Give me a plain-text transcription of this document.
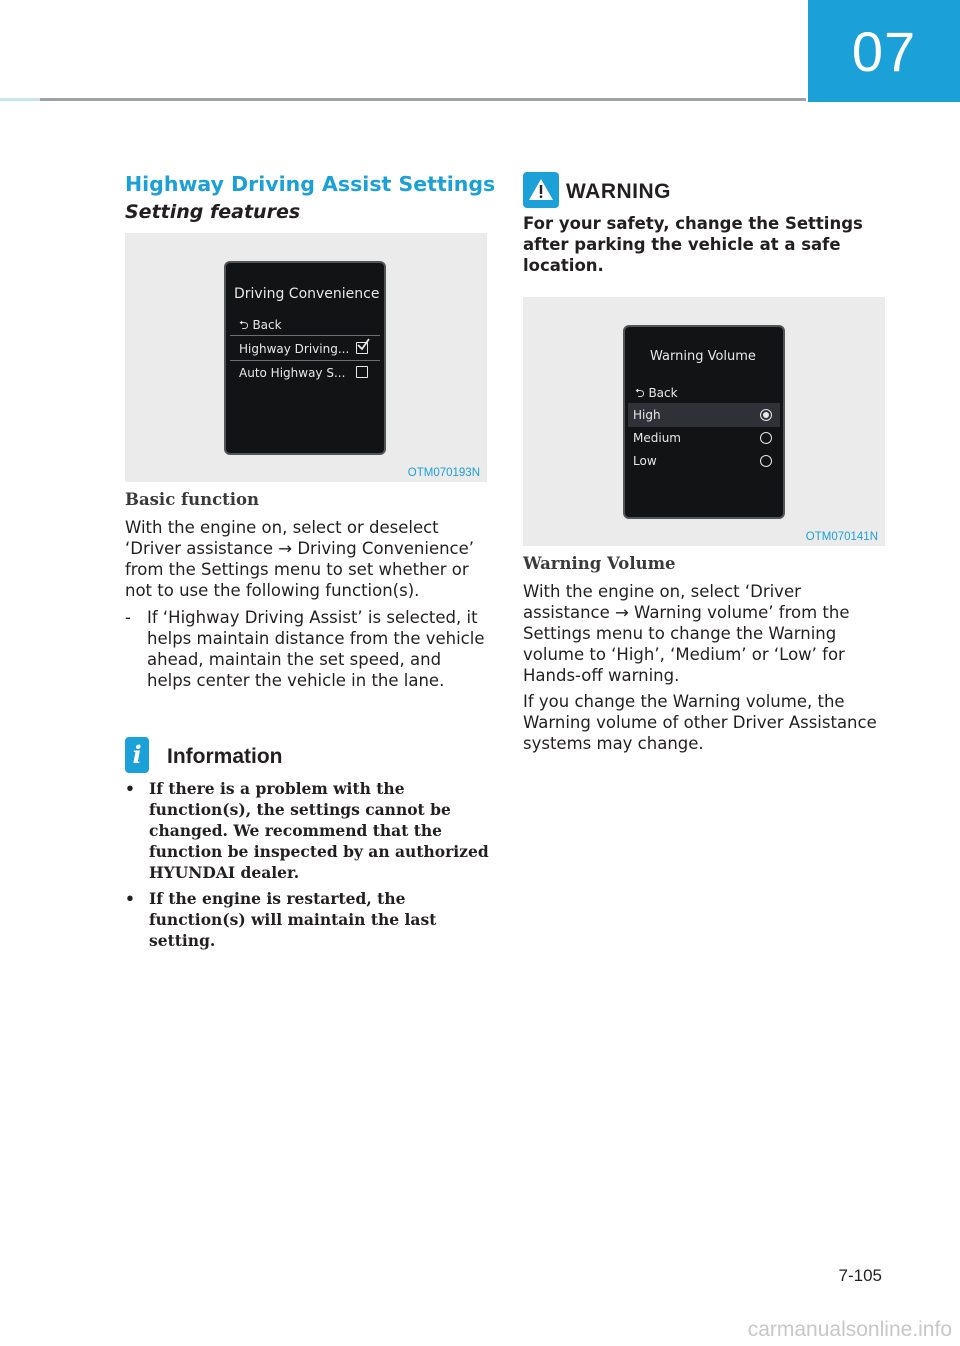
07
Highway Driving Assist Settings
Setting features
Driving Convenience
⮌ Back
Highway Driving...
Auto Highway S...
OTM070193N
Basic function
With the engine on, select or deselect ‘Driver assistance → Driving Convenience’ from the Settings menu to set whether or not to use the following function(s).
- If ‘Highway Driving Assist’ is selected, it helps maintain distance from the vehicle ahead, maintain the set speed, and helps center the vehicle in the lane.
i	Information
• If there is a problem with the function(s), the settings cannot be changed. We recommend that the function be inspected by an authorized HYUNDAI dealer.
• If the engine is restarted, the function(s) will maintain the last setting.
WARNING
For your safety, change the Settings after parking the vehicle at a safe location.
Warning Volume
⮌ Back
High
Medium
Low
OTM070141N
Warning Volume
With the engine on, select ‘Driver assistance → Warning volume’ from the Settings menu to change the Warning volume to ‘High’, ‘Medium’ or ‘Low’ for Hands-off warning.
If you change the Warning volume, the Warning volume of other Driver Assistance systems may change.
7-105
carmanualsonline.info
